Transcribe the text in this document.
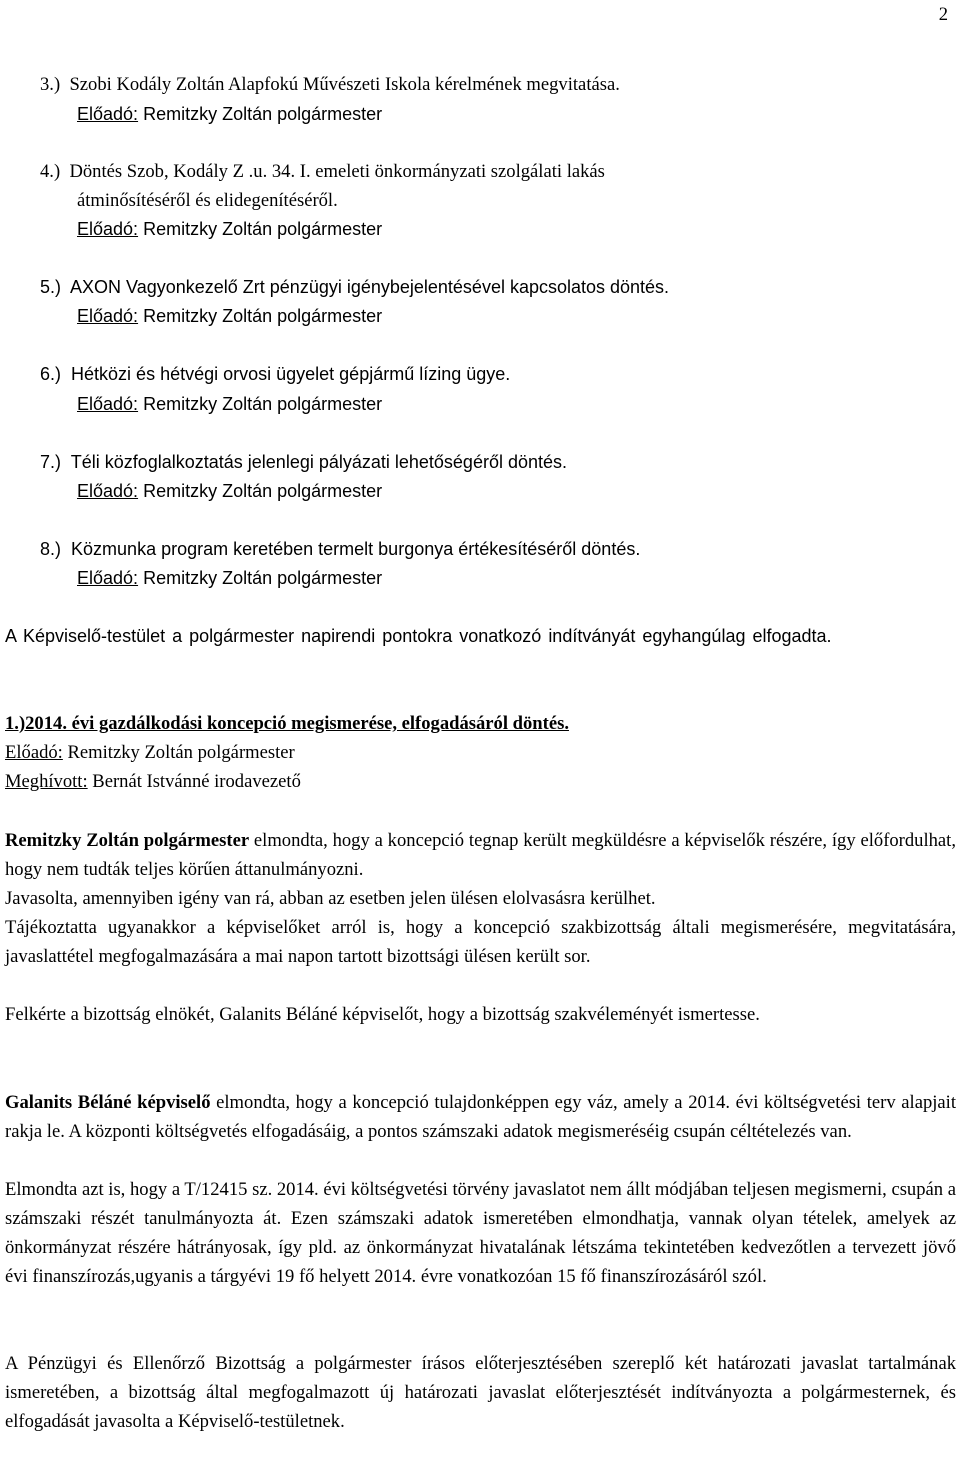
2
3.) Szobi Kodály Zoltán Alapfokú Művészeti Iskola kérelmének megvitatása.
Előadó: Remitzky Zoltán polgármester
4.) Döntés Szob, Kodály Z .u. 34. I. emeleti önkormányzati szolgálati lakás
átminősítéséről és elidegenítéséről.
Előadó: Remitzky Zoltán polgármester
5.) AXON Vagyonkezelő Zrt pénzügyi igénybejelentésével kapcsolatos döntés.
Előadó: Remitzky Zoltán polgármester
6.) Hétközi és hétvégi orvosi ügyelet gépjármű lízing ügye.
Előadó: Remitzky Zoltán polgármester
7.) Téli közfoglalkoztatás jelenlegi pályázati lehetőségéről döntés.
Előadó: Remitzky Zoltán polgármester
8.) Közmunka program keretében termelt burgonya értékesítéséről döntés.
Előadó: Remitzky Zoltán polgármester

A Képviselő-testület a polgármester napirendi pontokra vonatkozó indítványát egyhangúlag elfogadta.

1.)2014. évi gazdálkodási koncepció megismerése, elfogadásáról döntés.
Előadó: Remitzky Zoltán polgármester
Meghívott: Bernát Istvánné irodavezető

Remitzky Zoltán polgármester elmondta, hogy a koncepció tegnap került megküldésre a képviselők részére, így előfordulhat, hogy nem tudták teljes körűen áttanulmányozni.

Javasolta, amennyiben igény van rá, abban az esetben jelen ülésen elolvasásra kerülhet.

Tájékoztatta ugyanakkor a képviselőket arról is, hogy a koncepció szakbizottság általi megismerésére, megvitatására, javaslattétel megfogalmazására a mai napon tartott bizottsági ülésen került sor.

Felkérte a bizottság elnökét, Galanits Béláné képviselőt, hogy a bizottság szakvéleményét ismertesse.

Galanits Béláné képviselő elmondta, hogy a koncepció tulajdonképpen egy váz, amely a 2014. évi költségvetési terv alapjait rakja le. A központi költségvetés elfogadásáig, a pontos számszaki adatok megismeréséig csupán céltételezés van.

Elmondta azt is, hogy a T/12415 sz. 2014. évi költségvetési törvény javaslatot nem állt módjában teljesen megismerni, csupán a számszaki részét tanulmányozta át. Ezen számszaki adatok ismeretében elmondhatja, vannak olyan tételek, amelyek az önkormányzat részére hátrányosak, így pld. az önkormányzat hivatalának létszáma tekintetében kedvezőtlen a tervezett jövő évi finanszírozás,ugyanis a tárgyévi 19 fő helyett 2014. évre vonatkozóan 15 fő finanszírozásáról szól.

A Pénzügyi és Ellenőrző Bizottság a polgármester írásos előterjesztésében szereplő két határozati javaslat tartalmának ismeretében, a bizottság által megfogalmazott új határozati javaslat előterjesztését indítványozta a polgármesternek, és elfogadását javasolta a Képviselő-testületnek.
